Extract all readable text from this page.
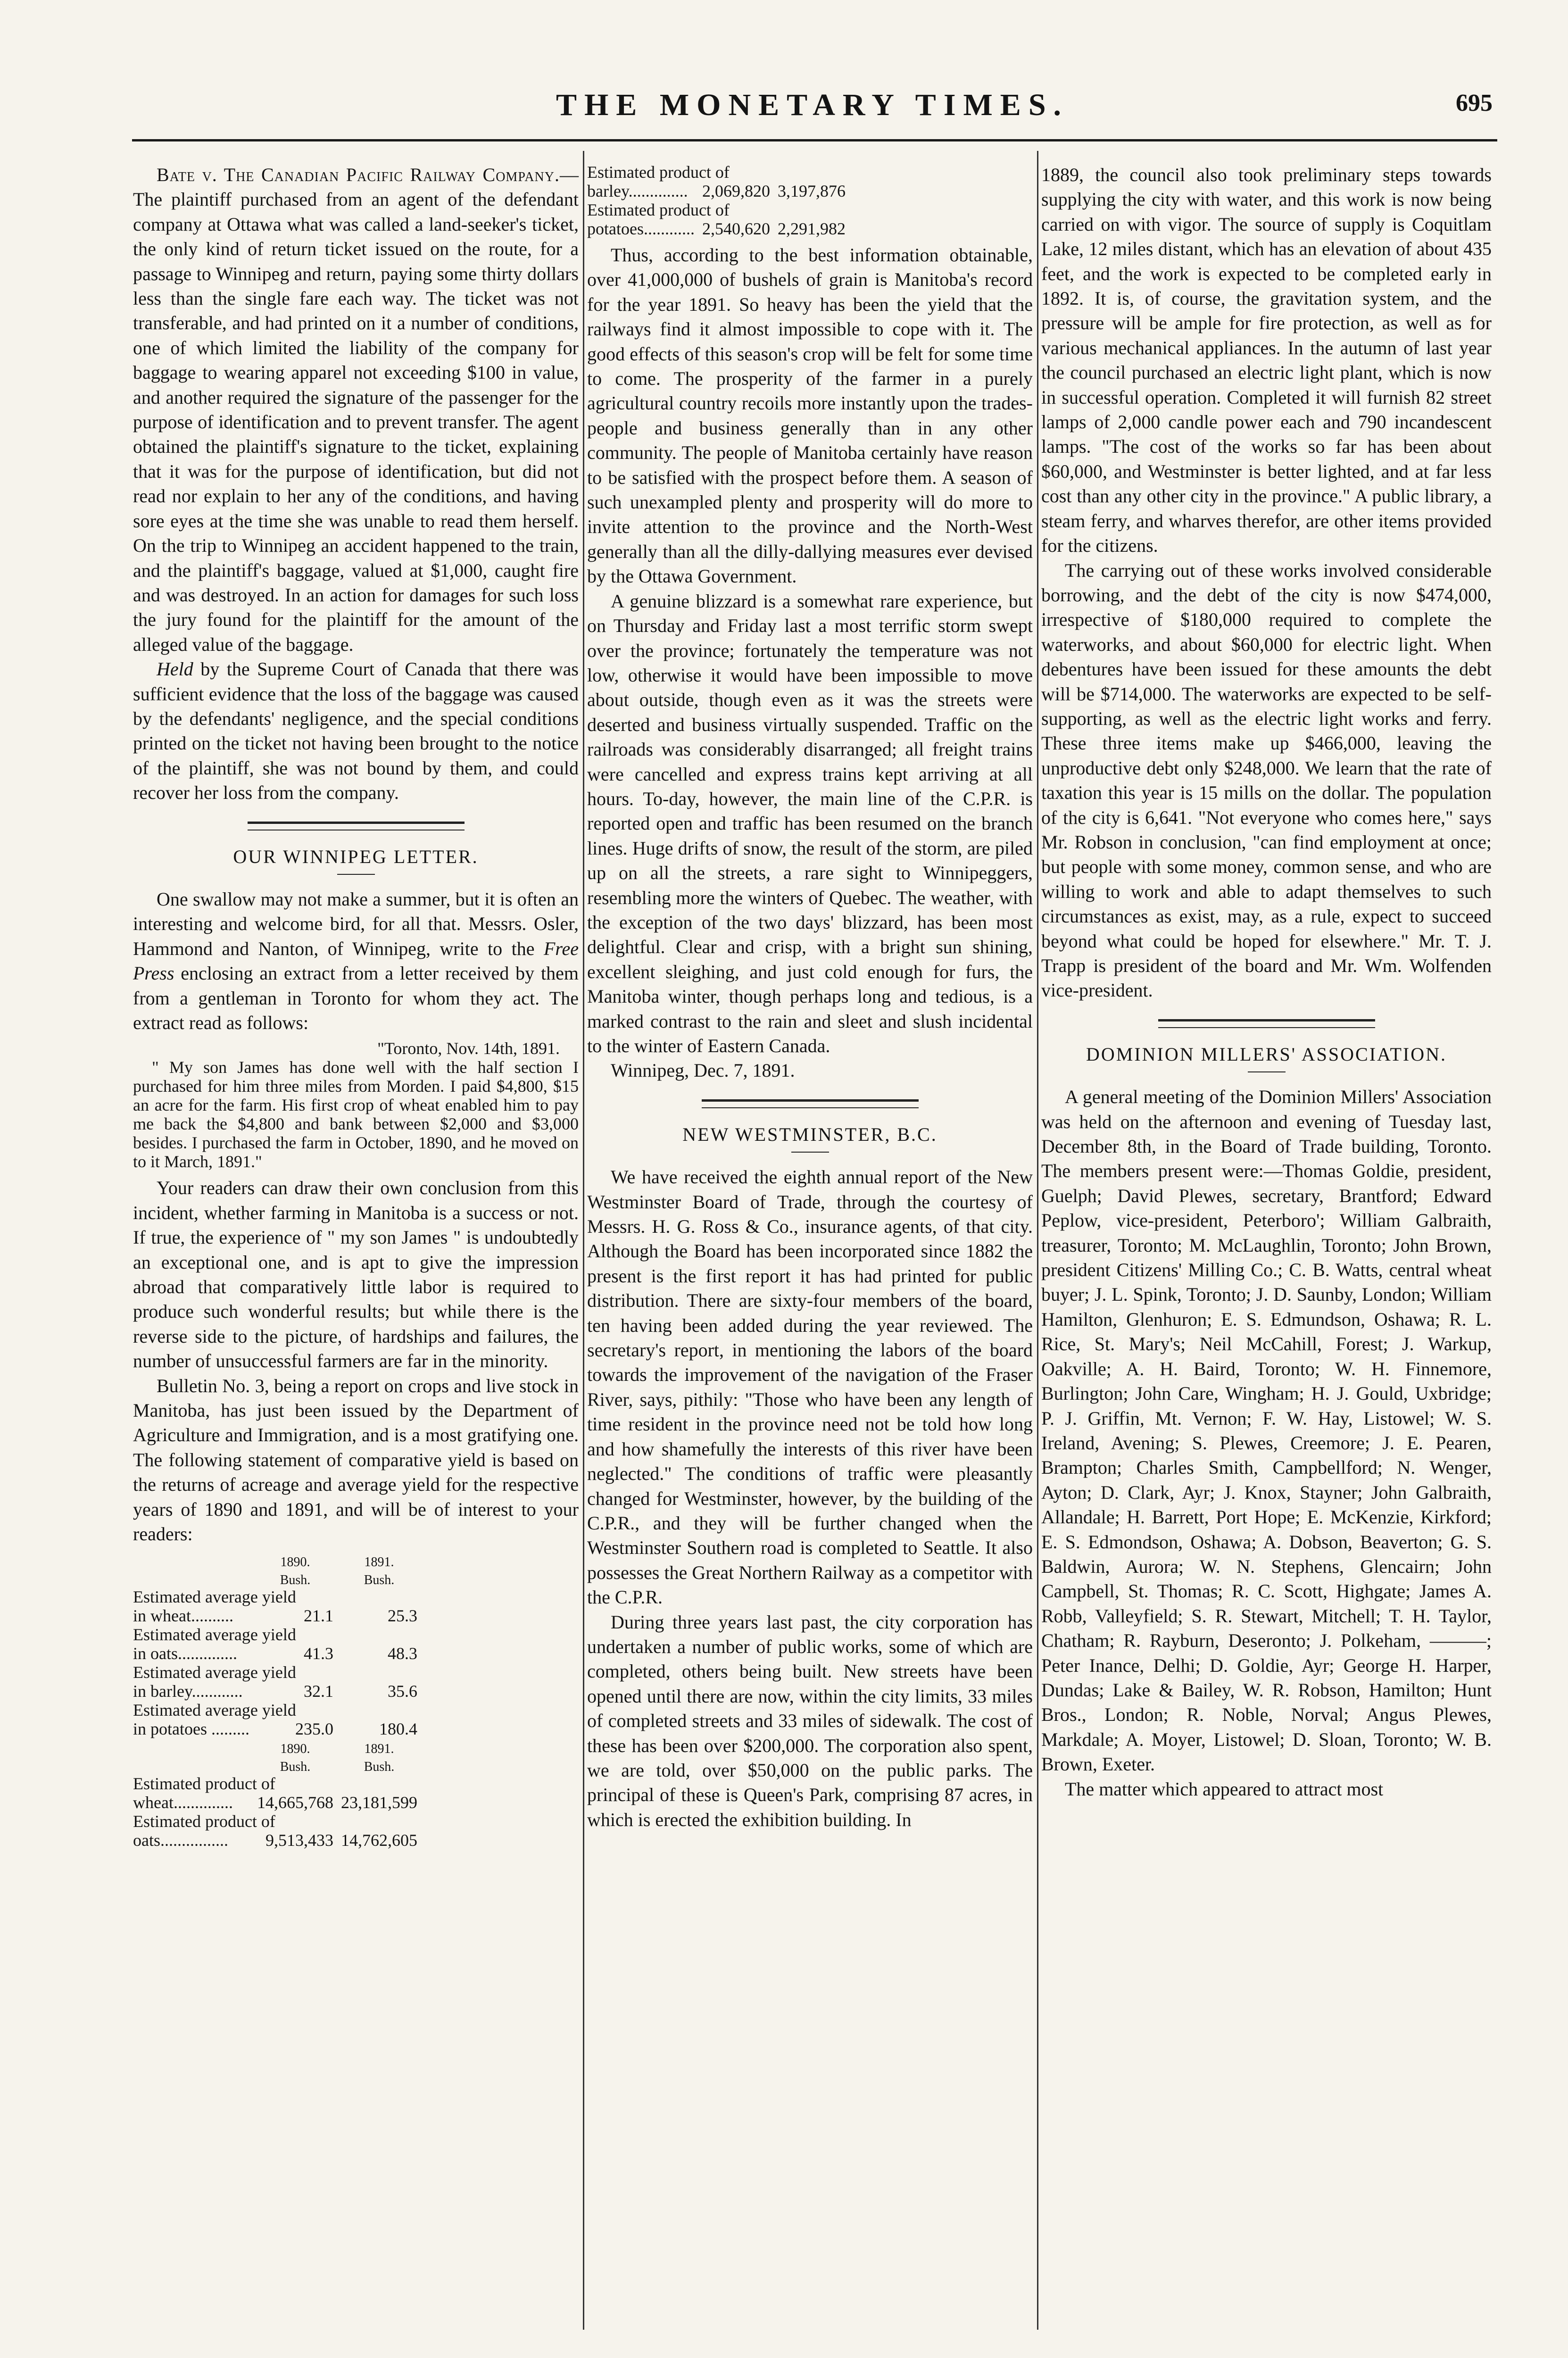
THE MONETARY TIMES.	695

Bate v. The Canadian Pacific Railway Company.—The plaintiff purchased from an agent of the defendant company at Ottawa what was called a land-seeker's ticket, the only kind of return ticket issued on the route, for a passage to Winnipeg and return, paying some thirty dollars less than the single fare each way. The ticket was not transferable, and had printed on it a number of conditions, one of which limited the liability of the company for baggage to wearing apparel not exceeding $100 in value, and another required the signature of the passenger for the purpose of identification and to prevent transfer. The agent obtained the plaintiff's signature to the ticket, explaining that it was for the purpose of identification, but did not read nor explain to her any of the conditions, and having sore eyes at the time she was unable to read them herself. On the trip to Winnipeg an accident happened to the train, and the plaintiff's baggage, valued at $1,000, caught fire and was destroyed. In an action for damages for such loss the jury found for the plaintiff for the amount of the alleged value of the baggage.

Held by the Supreme Court of Canada that there was sufficient evidence that the loss of the baggage was caused by the defendants' negligence, and the special conditions printed on the ticket not having been brought to the notice of the plaintiff, she was not bound by them, and could recover her loss from the company.

OUR WINNIPEG LETTER.

One swallow may not make a summer, but it is often an interesting and welcome bird, for all that. Messrs. Osler, Hammond and Nanton, of Winnipeg, write to the Free Press enclosing an extract from a letter received by them from a gentleman in Toronto for whom they act. The extract read as follows:

"Toronto, Nov. 14th, 1891.

" My son James has done well with the half section I purchased for him three miles from Morden. I paid $4,800, $15 an acre for the farm. His first crop of wheat enabled him to pay me back the $4,800 and bank between $2,000 and $3,000 besides. I purchased the farm in October, 1890, and he moved on to it March, 1891."

Your readers can draw their own conclusion from this incident, whether farming in Manitoba is a success or not. If true, the experience of " my son James " is undoubtedly an exceptional one, and is apt to give the impression abroad that comparatively little labor is required to produce such wonderful results; but while there is the reverse side to the picture, of hardships and failures, the number of unsuccessful farmers are far in the minority.

Bulletin No. 3, being a report on crops and live stock in Manitoba, has just been issued by the Department of Agriculture and Immigration, and is a most gratifying one. The following statement of comparative yield is based on the returns of acreage and average yield for the respective years of 1890 and 1891, and will be of interest to your readers:

	1890.	1891.
	Bush.	Bush.
Estimated average yield		
in wheat..........	21.1	25.3
Estimated average yield		
in oats..............	41.3	48.3
Estimated average yield		
in barley............	32.1	35.6
Estimated average yield		
in potatoes .........	235.0	180.4
	1890.	1891.
	Bush.	Bush.
Estimated product of		
wheat..............	14,665,768	23,181,599
Estimated product of		
oats................	9,513,433	14,762,605
Estimated product of		
barley..............	2,069,820	3,197,876
Estimated product of		
potatoes............	2,540,620	2,291,982

Thus, according to the best information obtainable, over 41,000,000 of bushels of grain is Manitoba's record for the year 1891. So heavy has been the yield that the railways find it almost impossible to cope with it. The good effects of this season's crop will be felt for some time to come. The prosperity of the farmer in a purely agricultural country recoils more instantly upon the trades-people and business generally than in any other community. The people of Manitoba certainly have reason to be satisfied with the prospect before them. A season of such unexampled plenty and prosperity will do more to invite attention to the province and the North-West generally than all the dilly-dallying measures ever devised by the Ottawa Government.

A genuine blizzard is a somewhat rare experience, but on Thursday and Friday last a most terrific storm swept over the province; fortunately the temperature was not low, otherwise it would have been impossible to move about outside, though even as it was the streets were deserted and business virtually suspended. Traffic on the railroads was considerably disarranged; all freight trains were cancelled and express trains kept arriving at all hours. To-day, however, the main line of the C.P.R. is reported open and traffic has been resumed on the branch lines. Huge drifts of snow, the result of the storm, are piled up on all the streets, a rare sight to Winnipeggers, resembling more the winters of Quebec. The weather, with the exception of the two days' blizzard, has been most delightful. Clear and crisp, with a bright sun shining, excellent sleighing, and just cold enough for furs, the Manitoba winter, though perhaps long and tedious, is a marked contrast to the rain and sleet and slush incidental to the winter of Eastern Canada.

Winnipeg, Dec. 7, 1891.

NEW WESTMINSTER, B.C.

We have received the eighth annual report of the New Westminster Board of Trade, through the courtesy of Messrs. H. G. Ross & Co., insurance agents, of that city. Although the Board has been incorporated since 1882 the present is the first report it has had printed for public distribution. There are sixty-four members of the board, ten having been added during the year reviewed. The secretary's report, in mentioning the labors of the board towards the improvement of the navigation of the Fraser River, says, pithily: "Those who have been any length of time resident in the province need not be told how long and how shamefully the interests of this river have been neglected." The conditions of traffic were pleasantly changed for Westminster, however, by the building of the C.P.R., and they will be further changed when the Westminster Southern road is completed to Seattle. It also possesses the Great Northern Railway as a competitor with the C.P.R.

During three years last past, the city corporation has undertaken a number of public works, some of which are completed, others being built. New streets have been opened until there are now, within the city limits, 33 miles of completed streets and 33 miles of sidewalk. The cost of these has been over $200,000. The corporation also spent, we are told, over $50,000 on the public parks. The principal of these is Queen's Park, comprising 87 acres, in which is erected the exhibition building. In

1889, the council also took preliminary steps towards supplying the city with water, and this work is now being carried on with vigor. The source of supply is Coquitlam Lake, 12 miles distant, which has an elevation of about 435 feet, and the work is expected to be completed early in 1892. It is, of course, the gravitation system, and the pressure will be ample for fire protection, as well as for various mechanical appliances. In the autumn of last year the council purchased an electric light plant, which is now in successful operation. Completed it will furnish 82 street lamps of 2,000 candle power each and 790 incandescent lamps. "The cost of the works so far has been about $60,000, and Westminster is better lighted, and at far less cost than any other city in the province." A public library, a steam ferry, and wharves therefor, are other items provided for the citizens.

The carrying out of these works involved considerable borrowing, and the debt of the city is now $474,000, irrespective of $180,000 required to complete the waterworks, and about $60,000 for electric light. When debentures have been issued for these amounts the debt will be $714,000. The waterworks are expected to be self-supporting, as well as the electric light works and ferry. These three items make up $466,000, leaving the unproductive debt only $248,000. We learn that the rate of taxation this year is 15 mills on the dollar. The population of the city is 6,641. "Not everyone who comes here," says Mr. Robson in conclusion, "can find employment at once; but people with some money, common sense, and who are willing to work and able to adapt themselves to such circumstances as exist, may, as a rule, expect to succeed beyond what could be hoped for elsewhere." Mr. T. J. Trapp is president of the board and Mr. Wm. Wolfenden vice-president.

DOMINION MILLERS' ASSOCIATION.

A general meeting of the Dominion Millers' Association was held on the afternoon and evening of Tuesday last, December 8th, in the Board of Trade building, Toronto. The members present were:—Thomas Goldie, president, Guelph; David Plewes, secretary, Brantford; Edward Peplow, vice-president, Peterboro'; William Galbraith, treasurer, Toronto; M. McLaughlin, Toronto; John Brown, president Citizens' Milling Co.; C. B. Watts, central wheat buyer; J. L. Spink, Toronto; J. D. Saunby, London; William Hamilton, Glenhuron; E. S. Edmundson, Oshawa; R. L. Rice, St. Mary's; Neil McCahill, Forest; J. Warkup, Oakville; A. H. Baird, Toronto; W. H. Finnemore, Burlington; John Care, Wingham; H. J. Gould, Uxbridge; P. J. Griffin, Mt. Vernon; F. W. Hay, Listowel; W. S. Ireland, Avening; S. Plewes, Creemore; J. E. Pearen, Brampton; Charles Smith, Campbellford; N. Wenger, Ayton; D. Clark, Ayr; J. Knox, Stayner; John Galbraith, Allandale; H. Barrett, Port Hope; E. McKenzie, Kirkford; E. S. Edmondson, Oshawa; A. Dobson, Beaverton; G. S. Baldwin, Aurora; W. N. Stephens, Glencairn; John Campbell, St. Thomas; R. C. Scott, Highgate; James A. Robb, Valleyfield; S. R. Stewart, Mitchell; T. H. Taylor, Chatham; R. Rayburn, Deseronto; J. Polkeham, ———; Peter Inance, Delhi; D. Goldie, Ayr; George H. Harper, Dundas; Lake & Bailey, W. R. Robson, Hamilton; Hunt Bros., London; R. Noble, Norval; Angus Plewes, Markdale; A. Moyer, Listowel; D. Sloan, Toronto; W. B. Brown, Exeter.

The matter which appeared to attract most
